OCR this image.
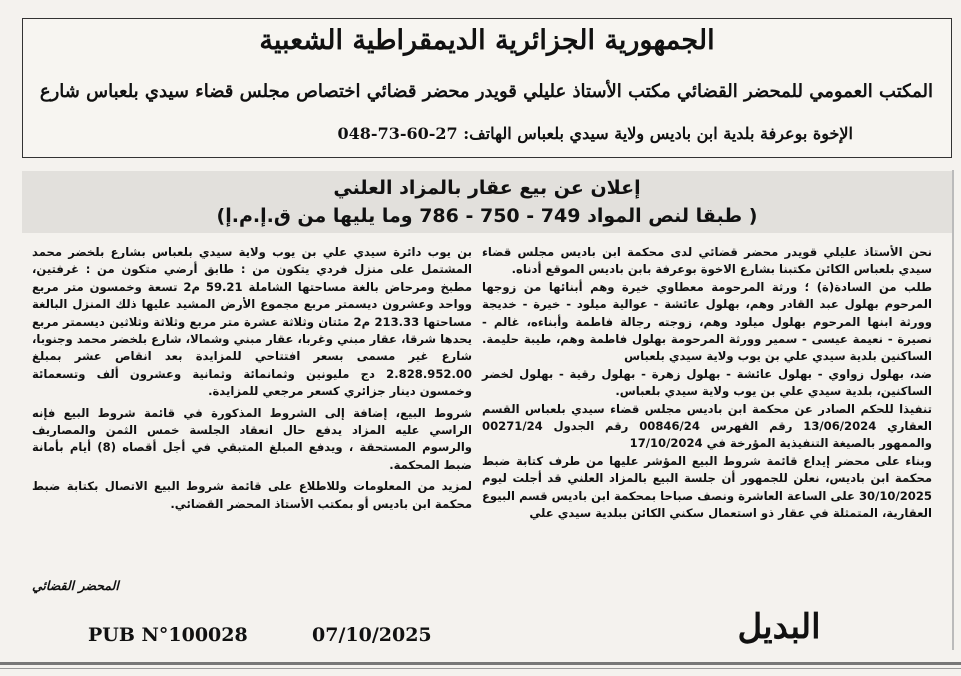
الجمهورية الجزائرية الديمقراطية الشعبية
المكتب العمومي للمحضر القضائي مكتب الأستاذ عليلي قويدر محضر قضائي اختصاص مجلس قضاء سيدي بلعباس شارع
الإخوة بوعرفة بلدية ابن باديس ولاية سيدي بلعباس الهاتف: 27-60-73-048
إعلان عن بيع عقار بالمزاد العلني
( طبقا لنص المواد 749 - 750 - 786 وما يليها من ق.إ.م.إ)

نحن الأستاذ عليلي قويدر محضر قضائي لدى محكمة ابن باديس مجلس قضاء سيدي بلعباس الكائن مكتبنا بشارع الاخوة بوعرفة بابن باديس الموقع أدناه.

طلب من السادة(ة) ؛ ورثة المرحومة معطاوي خيرة وهم أبنائها من زوجها المرحوم بهلول عبد القادر وهم، بهلول عائشة - عوالية ميلود - خيرة - خديجة وورثة ابنها المرحوم بهلول ميلود وهم، زوجته رجالة فاطمة وأبناءه، غالم - نصيرة - نعيمة عيسى - سمير وورثة المرحومة بهلول فاطمة وهم، طيبة حليمة. الساكنين بلدية سيدي علي بن يوب ولاية سيدي بلعباس

ضد، بهلول زواوي - بهلول عائشة - بهلول زهرة - بهلول رقية - بهلول لخضر الساكنين، بلدية سيدي علي بن يوب ولاية سيدي بلعباس.

تنفيذا للحكم الصادر عن محكمة ابن باديس مجلس قضاء سيدي بلعباس القسم العقاري 13/06/2024 رقم الفهرس 00846/24 رقم الجدول 00271/24 والممهور بالصيغة التنفيذية المؤرخة في 17/10/2024

وبناء على محضر إيداع قائمة شروط البيع المؤشر عليها من طرف كتابة ضبط محكمة ابن باديس، نعلن للجمهور أن جلسة البيع بالمزاد العلني قد أجلت ليوم 30/10/2025 على الساعة العاشرة ونصف صباحا بمحكمة ابن باديس قسم البيوع العقارية، المتمثلة في عقار ذو استعمال سكني الكائن ببلدية سيدي علي

بن يوب دائرة سيدي علي بن يوب ولاية سيدي بلعباس بشارع بلخضر محمد المشتمل على منزل فردي يتكون من : طابق أرضي متكون من : غرفتين، مطبخ ومرحاض بالغة مساحتها الشاملة 59.21 م2 تسعة وخمسون متر مربع وواحد وعشرون ديسمتر مربع مجموع الأرض المشيد عليها ذلك المنزل البالغة مساحتها 213.33 م2 مئتان وثلاثة عشرة متر مربع وثلاثة وثلاثين ديسمتر مربع يحدها شرقا، عقار مبني وغربا، عقار مبني وشمالا، شارع بلخضر محمد وجنوبا، شارع غير مسمى بسعر افتتاحي للمزايدة بعد انقاص عشر بمبلغ 2.828.952.00 دج مليونين وثمانمائة وثمانية وعشرون ألف وتسعمائة وخمسون دينار جزائري كسعر مرجعي للمزايدة.

شروط البيع، إضافة إلى الشروط المذكورة في قائمة شروط البيع فإنه الراسي عليه المزاد يدفع حال انعقاد الجلسة خمس الثمن والمصاريف والرسوم المستحقة ، ويدفع المبلغ المتبقي في أجل أقصاه (8) أيام بأمانة ضبط المحكمة.

لمزيد من المعلومات وللاطلاع على قائمة شروط البيع الاتصال بكتابة ضبط محكمة ابن باديس أو بمكتب الأستاذ المحضر القضائي.

المحضر القضائي
PUB N°100028	07/10/2025	البديل
